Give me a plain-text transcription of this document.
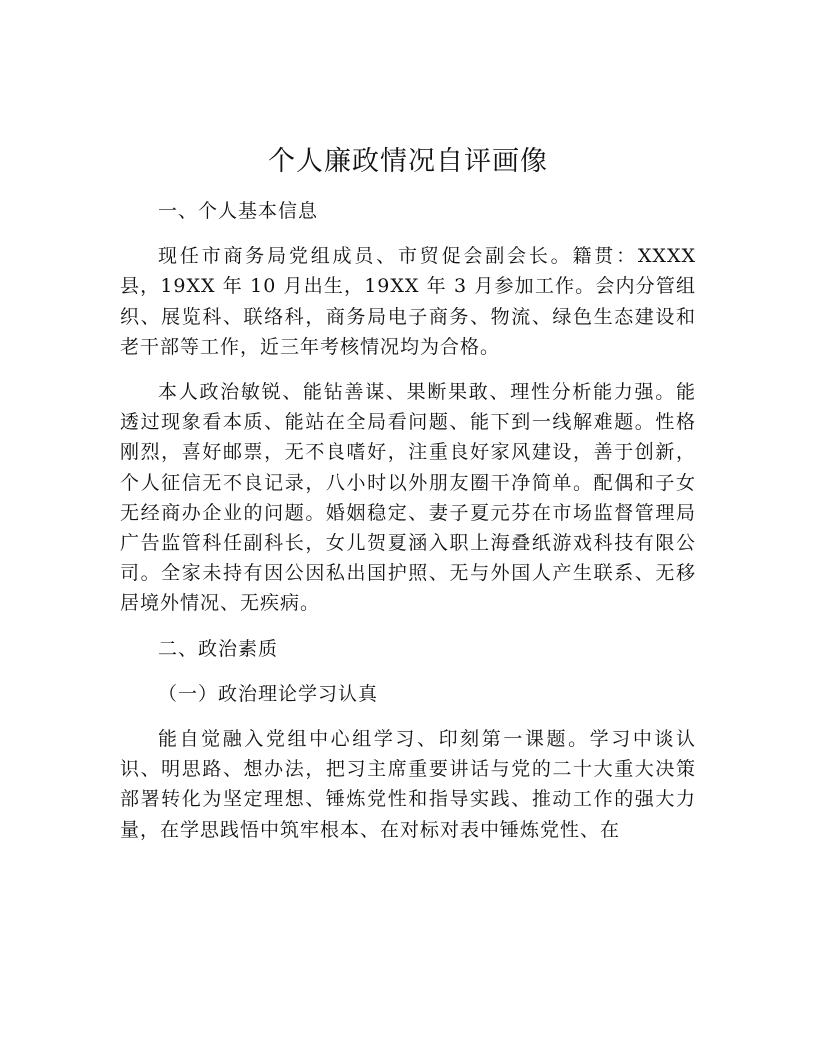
个人廉政情况自评画像

一、个人基本信息

现任市商务局党组成员、市贸促会副会长。籍贯：XXXX县，19XX 年 10 月出生，19XX 年 3 月参加工作。会内分管组织、展览科、联络科，商务局电子商务、物流、绿色生态建设和老干部等工作，近三年考核情况均为合格。

本人政治敏锐、能钻善谋、果断果敢、理性分析能力强。能透过现象看本质、能站在全局看问题、能下到一线解难题。性格刚烈，喜好邮票，无不良嗜好，注重良好家风建设，善于创新，个人征信无不良记录，八小时以外朋友圈干净简单。配偶和子女无经商办企业的问题。婚姻稳定、妻子夏元芬在市场监督管理局广告监管科任副科长，女儿贺夏涵入职上海叠纸游戏科技有限公司。全家未持有因公因私出国护照、无与外国人产生联系、无移居境外情况、无疾病。

二、政治素质

（一）政治理论学习认真

能自觉融入党组中心组学习、印刻第一课题。学习中谈认识、明思路、想办法，把习主席重要讲话与党的二十大重大决策部署转化为坚定理想、锤炼党性和指导实践、推动工作的强大力量，在学思践悟中筑牢根本、在对标对表中锤炼党性、在
